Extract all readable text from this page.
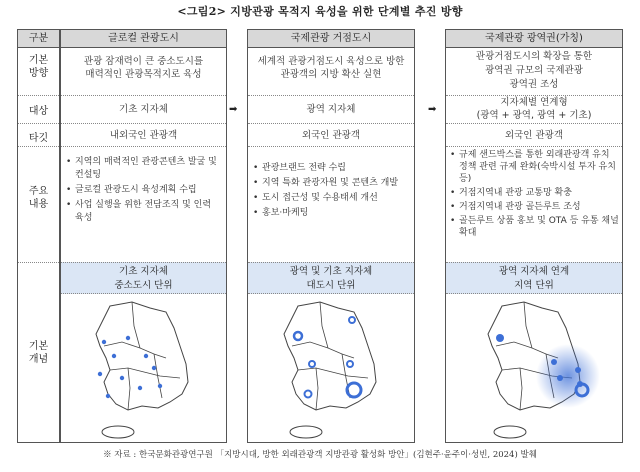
<그림2> 지방관광 목적지 육성을 위한 단계별 추진 방향
구분
기본
방향
대상
타깃
주요
내용
기본
개념
글로컬 관광도시
관광 잠재력이 큰 중소도시를
매력적인 관광목적지로 육성
기초 지자체
내외국인 관광객
• 지역의 매력적인 관광콘텐츠 발굴 및 컨설팅
• 글로컬 관광도시 육성계획 수립
• 사업 실행을 위한 전담조직 및 인력 육성
기초 지자체
중소도시 단위
국제관광 거점도시
세계적 관광거점도시 육성으로 방한
관광객의 지방 확산 실현
광역 지자체
외국인 관광객
• 관광브랜드 전략 수립
• 지역 특화 관광자원 및 콘텐츠 개발
• 도시 접근성 및 수용태세 개선
• 홍보·마케팅
광역 및 기초 지자체
대도시 단위
국제관광 광역권(가칭)
관광거점도시의 확장을 통한
광역권 규모의 국제관광
광역권 조성
지자체별 연계형
(광역 + 광역, 광역 + 기초)
외국인 관광객
• 규제 샌드박스를 통한 외래관광객 유치 정책 관련 규제 완화(숙박시설 투자 유치 등)
• 거점지역내 관광 교통망 확충
• 거점지역내 관광 골든루트 조성
• 골든루트 상품 홍보 및 OTA 등 유통 채널 확대
광역 지자체 연계
지역 단위
➡	➡
※ 자료 : 한국문화관광연구원 「지방시대, 방한 외래관광객 지방관광 활성화 방안」(김현주·윤주이·성빈, 2024) 발췌
